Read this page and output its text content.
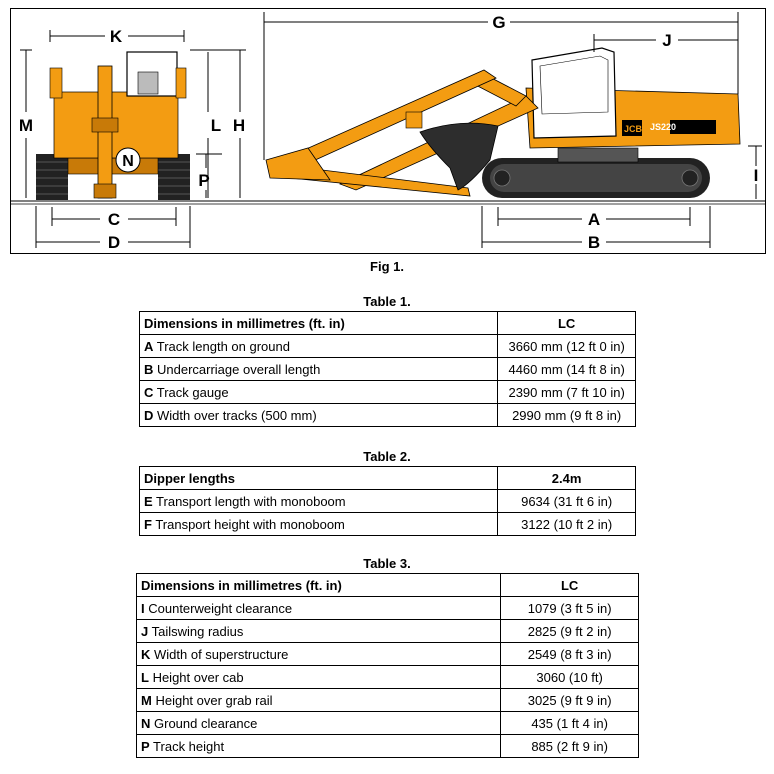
JS220
JCB
K
M	L H
N
P
C
D
G
J
I
A
B
Fig 1.
Table 1.
Dimensions in millimetres (ft. in)	LC
A Track length on ground	3660 mm (12 ft 0 in)
B Undercarriage overall length	4460 mm (14 ft 8 in)
C Track gauge	2390 mm (7 ft 10 in)
D Width over tracks (500 mm)	2990 mm (9 ft 8 in)
Table 2.
Dipper lengths	2.4m
E Transport length with monoboom	9634 (31 ft 6 in)
F Transport height with monoboom	3122 (10 ft 2 in)
Table 3.
Dimensions in millimetres (ft. in)	LC
I Counterweight clearance	1079 (3 ft 5 in)
J Tailswing radius	2825 (9 ft 2 in)
K Width of superstructure	2549 (8 ft 3 in)
L Height over cab	3060 (10 ft)
M Height over grab rail	3025 (9 ft 9 in)
N Ground clearance	435 (1 ft 4 in)
P Track height	885 (2 ft 9 in)
